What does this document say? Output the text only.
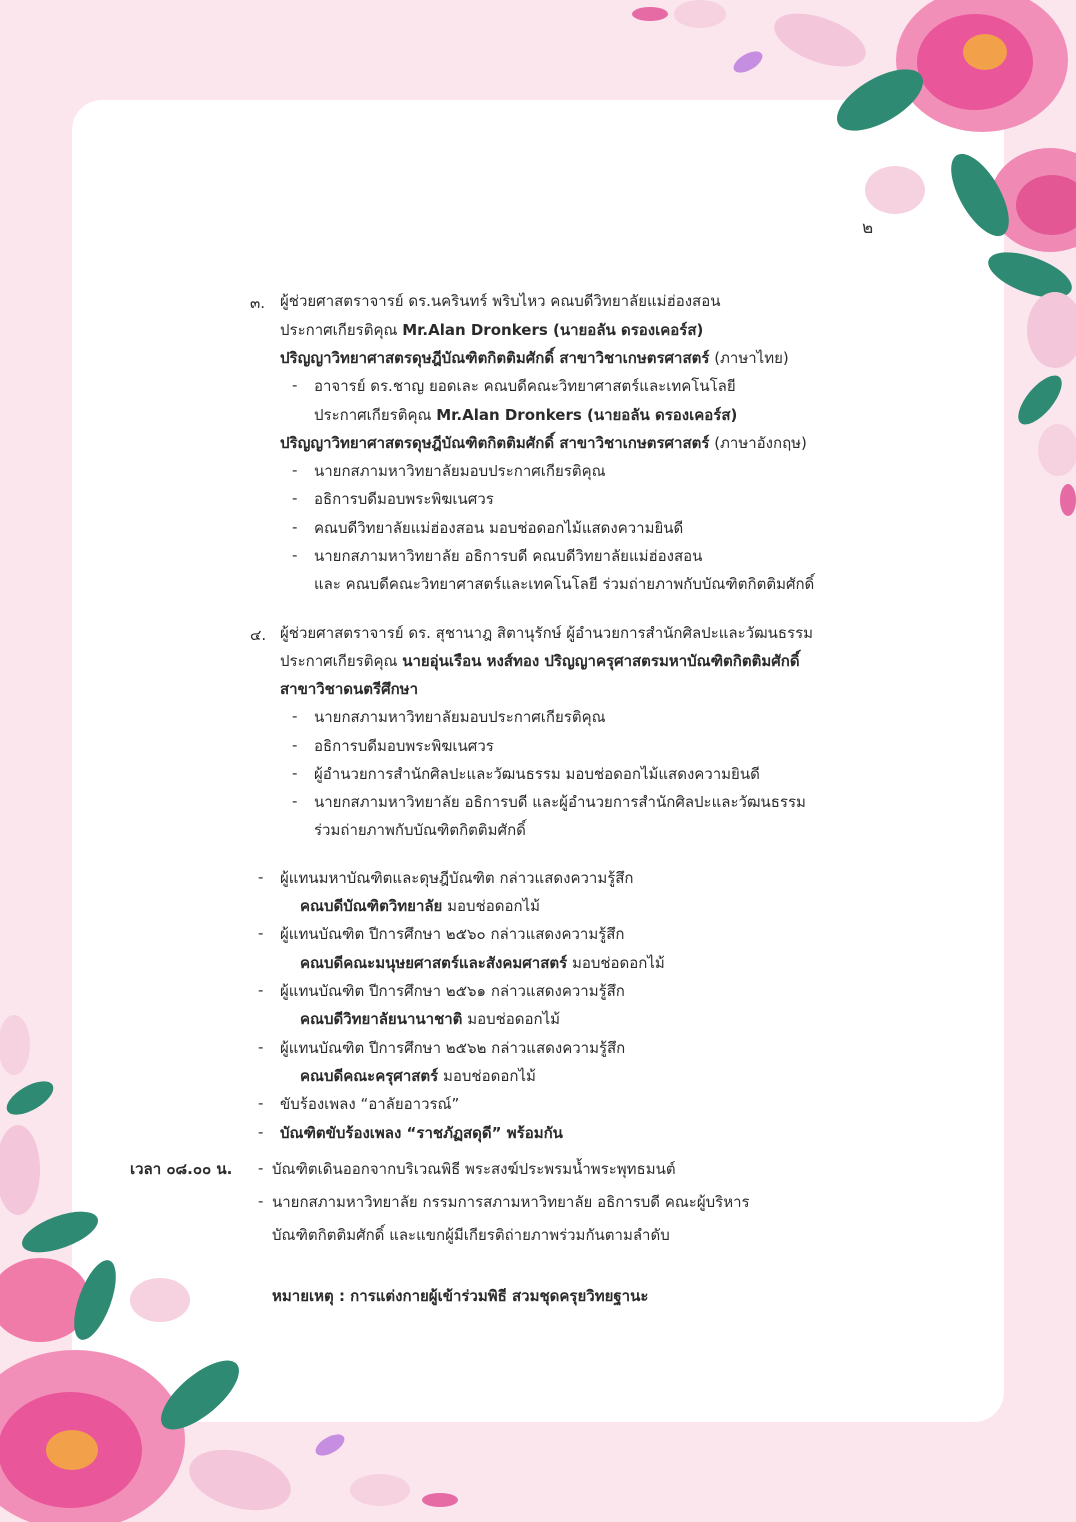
๒
๓. ผู้ช่วยศาสตราจารย์ ดร.นครินทร์ พริบไหว คณบดีวิทยาลัยแม่ฮ่องสอน
ประกาศเกียรติคุณ Mr.Alan Dronkers (นายอลัน ดรองเคอร์ส)
ปริญญาวิทยาศาสตรดุษฎีบัณฑิตกิตติมศักดิ์ สาขาวิชาเกษตรศาสตร์ (ภาษาไทย)
- อาจารย์ ดร.ชาญ ยอดเละ คณบดีคณะวิทยาศาสตร์และเทคโนโลยี
ประกาศเกียรติคุณ Mr.Alan Dronkers (นายอลัน ดรองเคอร์ส)
ปริญญาวิทยาศาสตรดุษฎีบัณฑิตกิตติมศักดิ์ สาขาวิชาเกษตรศาสตร์ (ภาษาอังกฤษ)
- นายกสภามหาวิทยาลัยมอบประกาศเกียรติคุณ
- อธิการบดีมอบพระพิฆเนศวร
- คณบดีวิทยาลัยแม่ฮ่องสอน มอบช่อดอกไม้แสดงความยินดี
- นายกสภามหาวิทยาลัย อธิการบดี คณบดีวิทยาลัยแม่ฮ่องสอน
และ คณบดีคณะวิทยาศาสตร์และเทคโนโลยี ร่วมถ่ายภาพกับบัณฑิตกิตติมศักดิ์
๔. ผู้ช่วยศาสตราจารย์ ดร. สุชานาฎ สิตานุรักษ์ ผู้อำนวยการสำนักศิลปะและวัฒนธรรม
ประกาศเกียรติคุณ นายอุ่นเรือน หงส์ทอง ปริญญาครุศาสตรมหาบัณฑิตกิตติมศักดิ์
สาขาวิชาดนตรีศึกษา
- นายกสภามหาวิทยาลัยมอบประกาศเกียรติคุณ
- อธิการบดีมอบพระพิฆเนศวร
- ผู้อำนวยการสำนักศิลปะและวัฒนธรรม มอบช่อดอกไม้แสดงความยินดี
- นายกสภามหาวิทยาลัย อธิการบดี และผู้อำนวยการสำนักศิลปะและวัฒนธรรม
ร่วมถ่ายภาพกับบัณฑิตกิตติมศักดิ์
- ผู้แทนมหาบัณฑิตและดุษฎีบัณฑิต กล่าวแสดงความรู้สึก
คณบดีบัณฑิตวิทยาลัย มอบช่อดอกไม้
- ผู้แทนบัณฑิต ปีการศึกษา ๒๕๖๐ กล่าวแสดงความรู้สึก
คณบดีคณะมนุษยศาสตร์และสังคมศาสตร์ มอบช่อดอกไม้
- ผู้แทนบัณฑิต ปีการศึกษา ๒๕๖๑ กล่าวแสดงความรู้สึก
คณบดีวิทยาลัยนานาชาติ มอบช่อดอกไม้
- ผู้แทนบัณฑิต ปีการศึกษา ๒๕๖๒ กล่าวแสดงความรู้สึก
คณบดีคณะครุศาสตร์ มอบช่อดอกไม้
- ขับร้องเพลง “อาลัยอาวรณ์”
- บัณฑิตขับร้องเพลง “ราชภัฏสดุดี” พร้อมกัน
เวลา ๐๘.๐๐ น. - บัณฑิตเดินออกจากบริเวณพิธี พระสงฆ์ประพรมน้ำพระพุทธมนต์
- นายกสภามหาวิทยาลัย กรรมการสภามหาวิทยาลัย อธิการบดี คณะผู้บริหาร
บัณฑิตกิตติมศักดิ์ และแขกผู้มีเกียรติถ่ายภาพร่วมกันตามลำดับ
หมายเหตุ : การแต่งกายผู้เข้าร่วมพิธี สวมชุดครุยวิทยฐานะ
